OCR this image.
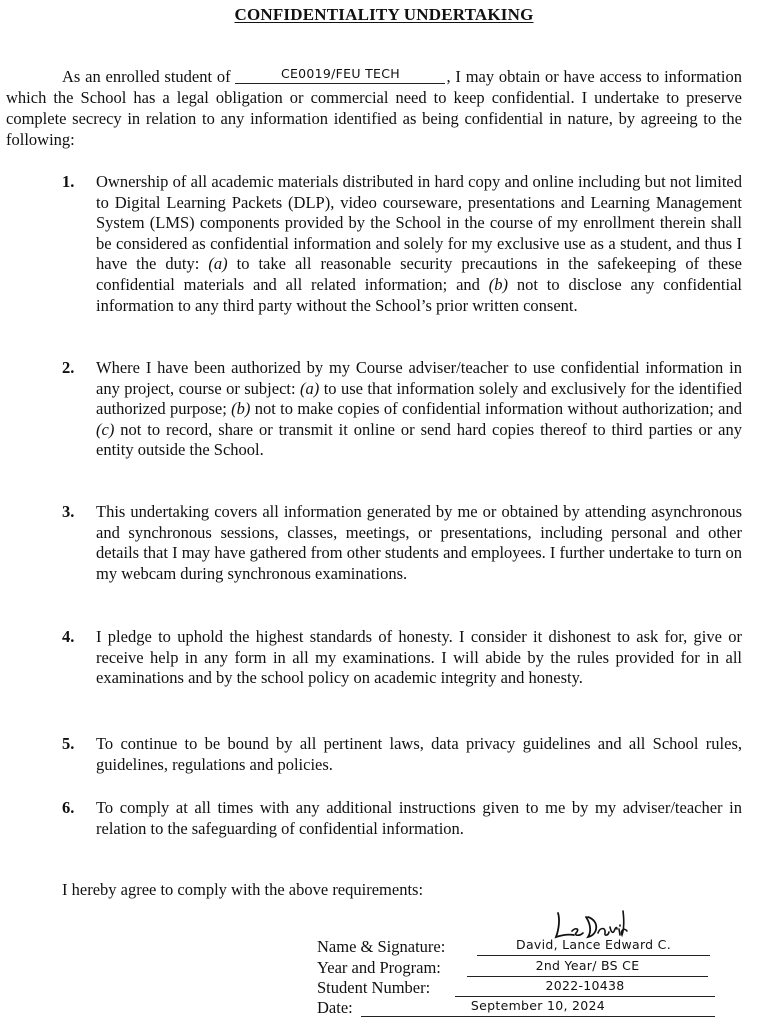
CONFIDENTIALITY UNDERTAKING
As an enrolled student of	CE0019/FEU TECH	, I may obtain or have access to information which the School has a legal obligation or commercial need to keep confidential. I undertake to preserve complete secrecy in relation to any information identified as being confidential in nature, by agreeing to the following:
1.	Ownership of all academic materials distributed in hard copy and online including but not limited to Digital Learning Packets (DLP), video courseware, presentations and Learning Management System (LMS) components provided by the School in the course of my enrollment therein shall be considered as confidential information and solely for my exclusive use as a student, and thus I have the duty: (a) to take all reasonable security precautions in the safekeeping of these confidential materials and all related information; and (b) not to disclose any confidential information to any third party without the School’s prior written consent.
2.	Where I have been authorized by my Course adviser/teacher to use confidential information in any project, course or subject: (a) to use that information solely and exclusively for the identified authorized purpose; (b) not to make copies of confidential information without authorization; and (c) not to record, share or transmit it online or send hard copies thereof to third parties or any entity outside the School.
3.	This undertaking covers all information generated by me or obtained by attending asynchronous and synchronous sessions, classes, meetings, or presentations, including personal and other details that I may have gathered from other students and employees. I further undertake to turn on my webcam during synchronous examinations.
4.	I pledge to uphold the highest standards of honesty. I consider it dishonest to ask for, give or receive help in any form in all my examinations. I will abide by the rules provided for in all examinations and by the school policy on academic integrity and honesty.
5.	To continue to be bound by all pertinent laws, data privacy guidelines and all School rules, guidelines, regulations and policies.
6.	To comply at all times with any additional instructions given to me by my adviser/teacher in relation to the safeguarding of confidential information.
I hereby agree to comply with the above requirements:
Name & Signature:	David, Lance Edward C.
Year and Program:	2nd Year/ BS CE
Student Number:	2022-10438
Date:	September 10, 2024
